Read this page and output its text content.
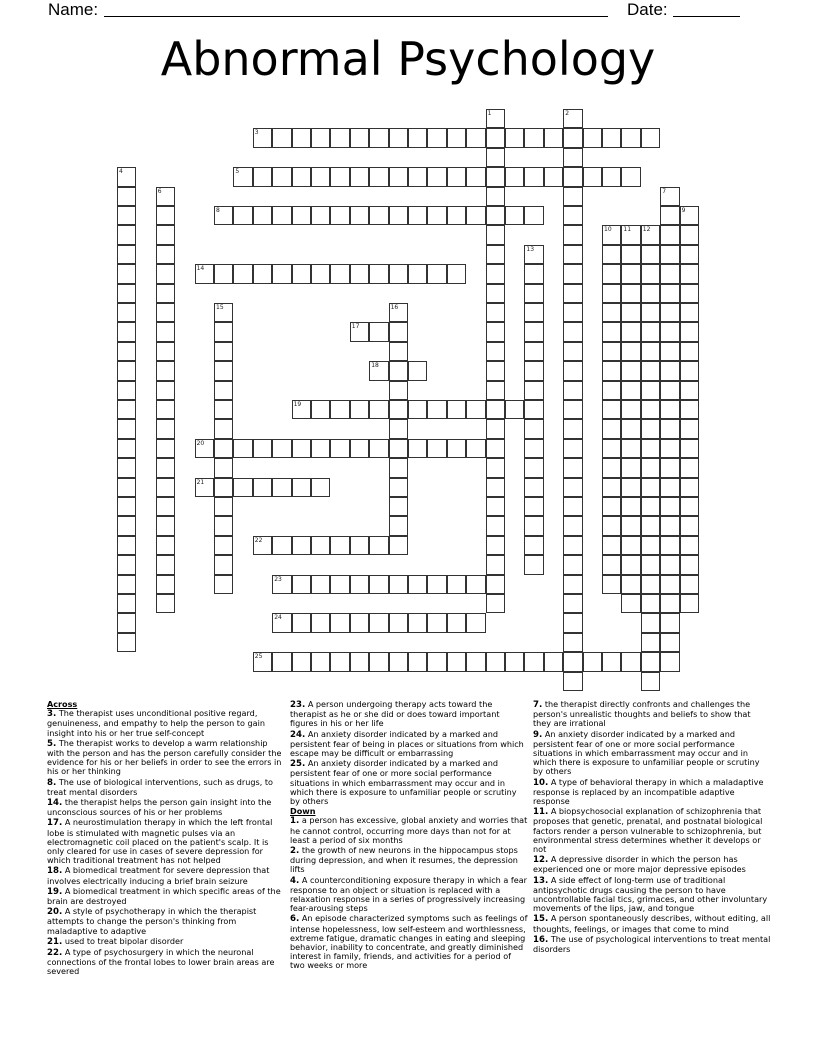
Name:	Date:
Abnormal Psychology
1	2
3
4	5
6	7
8	9
10 11 12
13
14
15	16
17
18
19
20
21
22
23
24
25
Across
3. The therapist uses unconditional positive regard, genuineness, and empathy to help the person to gain insight into his or her true self-concept
5. The therapist works to develop a warm relationship with the person and has the person carefully consider the evidence for his or her beliefs in order to see the errors in his or her thinking
8. The use of biological interventions, such as drugs, to treat mental disorders
14. the therapist helps the person gain insight into the unconscious sources of his or her problems
17. A neurostimulation therapy in which the left frontal lobe is stimulated with magnetic pulses via an electromagnetic coil placed on the patient's scalp. It is only cleared for use in cases of severe depression for which traditional treatment has not helped
18. A biomedical treatment for severe depression that involves electrically inducing a brief brain seizure
19. A biomedical treatment in which specific areas of the brain are destroyed
20. A style of psychotherapy in which the therapist attempts to change the person's thinking from maladaptive to adaptive
21. used to treat bipolar disorder
22. A type of psychosurgery in which the neuronal connections of the frontal lobes to lower brain areas are severed
23. A person undergoing therapy acts toward the therapist as he or she did or does toward important figures in his or her life
24. An anxiety disorder indicated by a marked and persistent fear of being in places or situations from which escape may be difficult or embarrassing
25. An anxiety disorder indicated by a marked and persistent fear of one or more social performance situations in which embarrassment may occur and in which there is exposure to unfamiliar people or scrutiny by others
Down
1. a person has excessive, global anxiety and worries that he cannot control, occurring more days than not for at least a period of six months
2. the growth of new neurons in the hippocampus stops during depression, and when it resumes, the depression lifts
4. A counterconditioning exposure therapy in which a fear response to an object or situation is replaced with a relaxation response in a series of progressively increasing fear-arousing steps
6. An episode characterized symptoms such as feelings of intense hopelessness, low self-esteem and worthlessness, extreme fatigue, dramatic changes in eating and sleeping behavior, inability to concentrate, and greatly diminished interest in family, friends, and activities for a period of two weeks or more
7. the therapist directly confronts and challenges the person's unrealistic thoughts and beliefs to show that they are irrational
9. An anxiety disorder indicated by a marked and persistent fear of one or more social performance situations in which embarrassment may occur and in which there is exposure to unfamiliar people or scrutiny by others
10. A type of behavioral therapy in which a maladaptive response is replaced by an incompatible adaptive response
11. A biopsychosocial explanation of schizophrenia that proposes that genetic, prenatal, and postnatal biological factors render a person vulnerable to schizophrenia, but environmental stress determines whether it develops or not
12. A depressive disorder in which the person has experienced one or more major depressive episodes
13. A side effect of long-term use of traditional antipsychotic drugs causing the person to have uncontrollable facial tics, grimaces, and other involuntary movements of the lips, jaw, and tongue
15. A person spontaneously describes, without editing, all thoughts, feelings, or images that come to mind
16. The use of psychological interventions to treat mental disorders
